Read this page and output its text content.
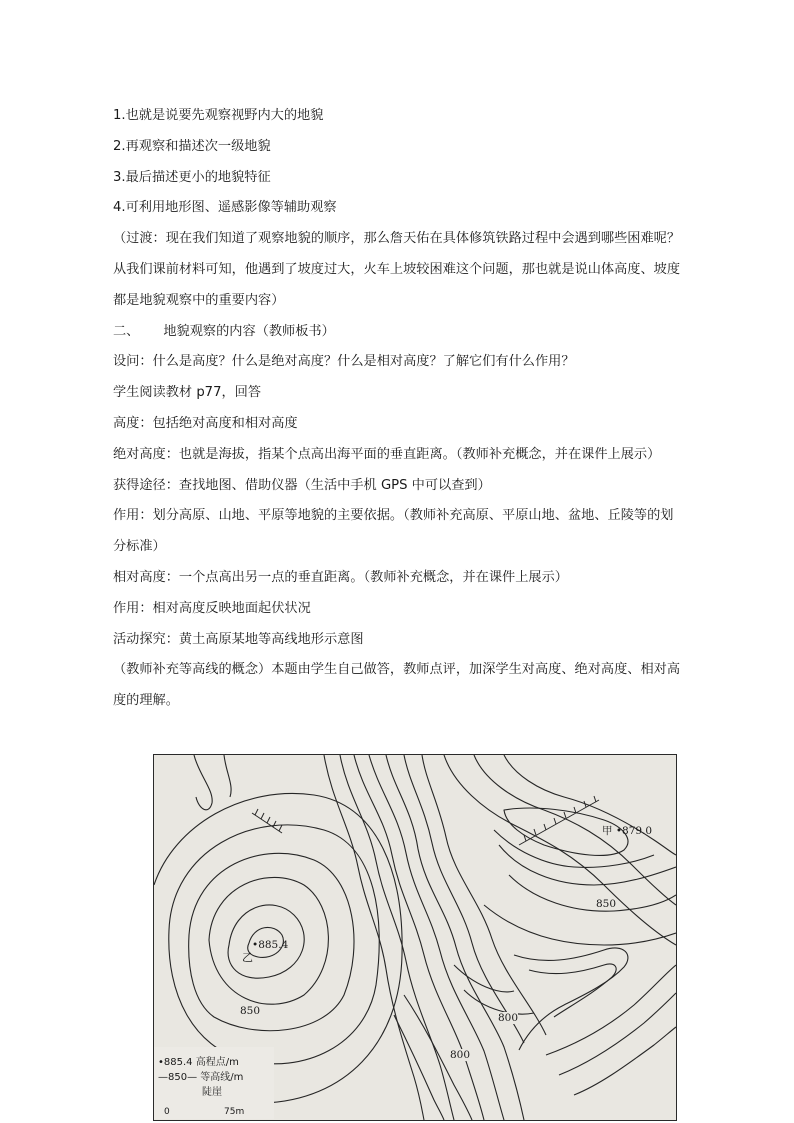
1.也就是说要先观察视野内大的地貌

2.再观察和描述次一级地貌

3.最后描述更小的地貌特征

4.可利用地形图、遥感影像等辅助观察

（过渡：现在我们知道了观察地貌的顺序，那么詹天佑在具体修筑铁路过程中会遇到哪些困难呢？从我们课前材料可知，他遇到了坡度过大，火车上坡较困难这个问题，那也就是说山体高度、坡度都是地貌观察中的重要内容）

二、 地貌观察的内容（教师板书）

设问：什么是高度？什么是绝对高度？什么是相对高度？了解它们有什么作用？

学生阅读教材 p77，回答

高度：包括绝对高度和相对高度

绝对高度：也就是海拔，指某个点高出海平面的垂直距离。（教师补充概念，并在课件上展示）

获得途径：查找地图、借助仪器（生活中手机 GPS 中可以查到）

作用：划分高原、山地、平原等地貌的主要依据。（教师补充高原、平原山地、盆地、丘陵等的划分标准）

相对高度：一个点高出另一点的垂直距离。（教师补充概念，并在课件上展示）

作用：相对高度反映地面起伏状况

活动探究：黄土高原某地等高线地形示意图

（教师补充等高线的概念）本题由学生自己做答，教师点评，加深学生对高度、绝对高度、相对高度的理解。

甲 •879.0
•885.4
乙
850
850
800
800
•885.4 高程点/m
—850— 等高线/m
陡崖
0	75m
